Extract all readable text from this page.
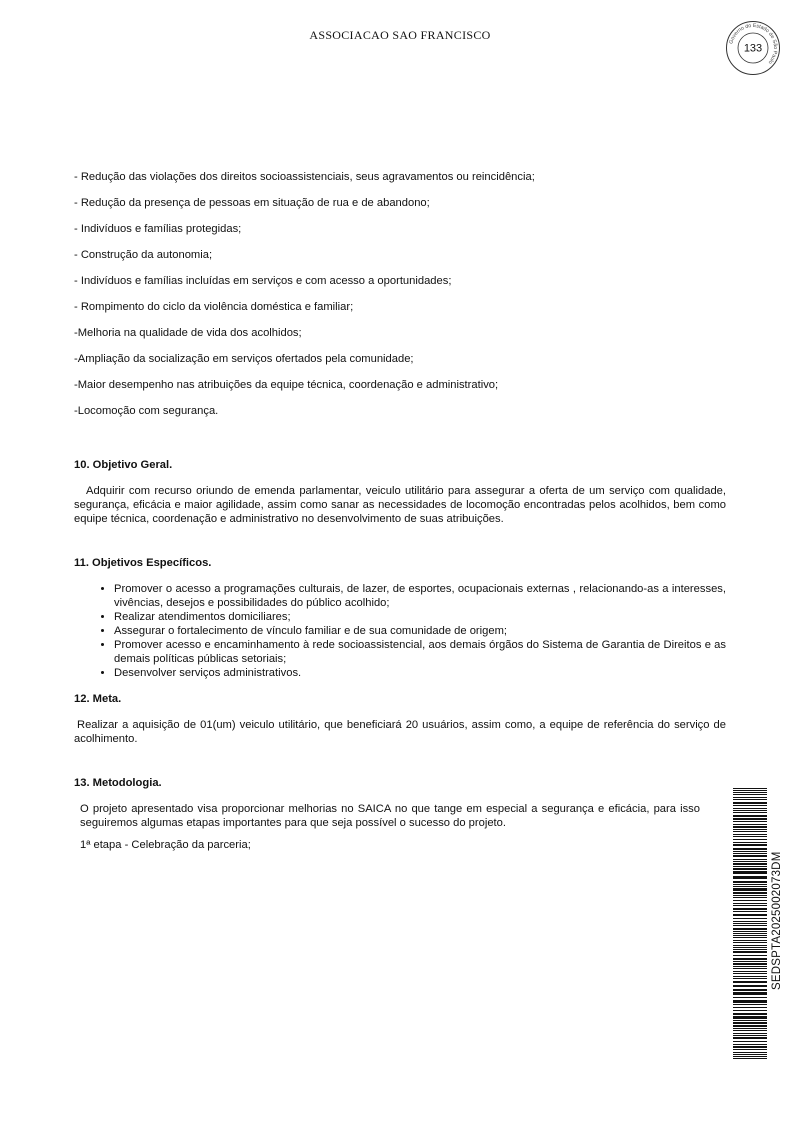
ASSOCIACAO SAO FRANCISCO	Governo do Estado de São Paulo
133

- Redução das violações dos direitos socioassistenciais, seus agravamentos ou reincidência;

- Redução da presença de pessoas em situação de rua e de abandono;

- Indivíduos e famílias protegidas;

- Construção da autonomia;

- Indivíduos e famílias incluídas em serviços e com acesso a oportunidades;

- Rompimento do ciclo da violência doméstica e familiar;

-Melhoria na qualidade de vida dos acolhidos;

-Ampliação da socialização em serviços ofertados pela comunidade;

-Maior desempenho nas atribuições da equipe técnica, coordenação e administrativo;

-Locomoção com segurança.

10. Objetivo Geral.

Adquirir com recurso oriundo de emenda parlamentar, veiculo utilitário para assegurar a oferta de um serviço com qualidade, segurança, eficácia e maior agilidade, assim como sanar as necessidades de locomoção encontradas pelos acolhidos, bem como equipe técnica, coordenação e administrativo no desenvolvimento de suas atribuições.

11. Objetivos Específicos.

• Promover o acesso a programações culturais, de lazer, de esportes, ocupacionais externas , relacionando-as a interesses, vivências, desejos e possibilidades do público acolhido;
• Realizar atendimentos domiciliares;
• Assegurar o fortalecimento de vínculo familiar e de sua comunidade de origem;
• Promover acesso e encaminhamento à rede socioassistencial, aos demais órgãos do Sistema de Garantia de Direitos e as demais políticas públicas setoriais;
• Desenvolver serviços administrativos.

12. Meta.

Realizar a aquisição de 01(um) veiculo utilitário, que beneficiará 20 usuários, assim como, a equipe de referência do serviço de acolhimento.

13. Metodologia.

O projeto apresentado visa proporcionar melhorias no SAICA no que tange em especial a segurança e eficácia, para isso seguiremos algumas etapas importantes para que seja possível o sucesso do projeto.

1ª etapa - Celebração da parceria;

SEDSPTA2025002073DM
